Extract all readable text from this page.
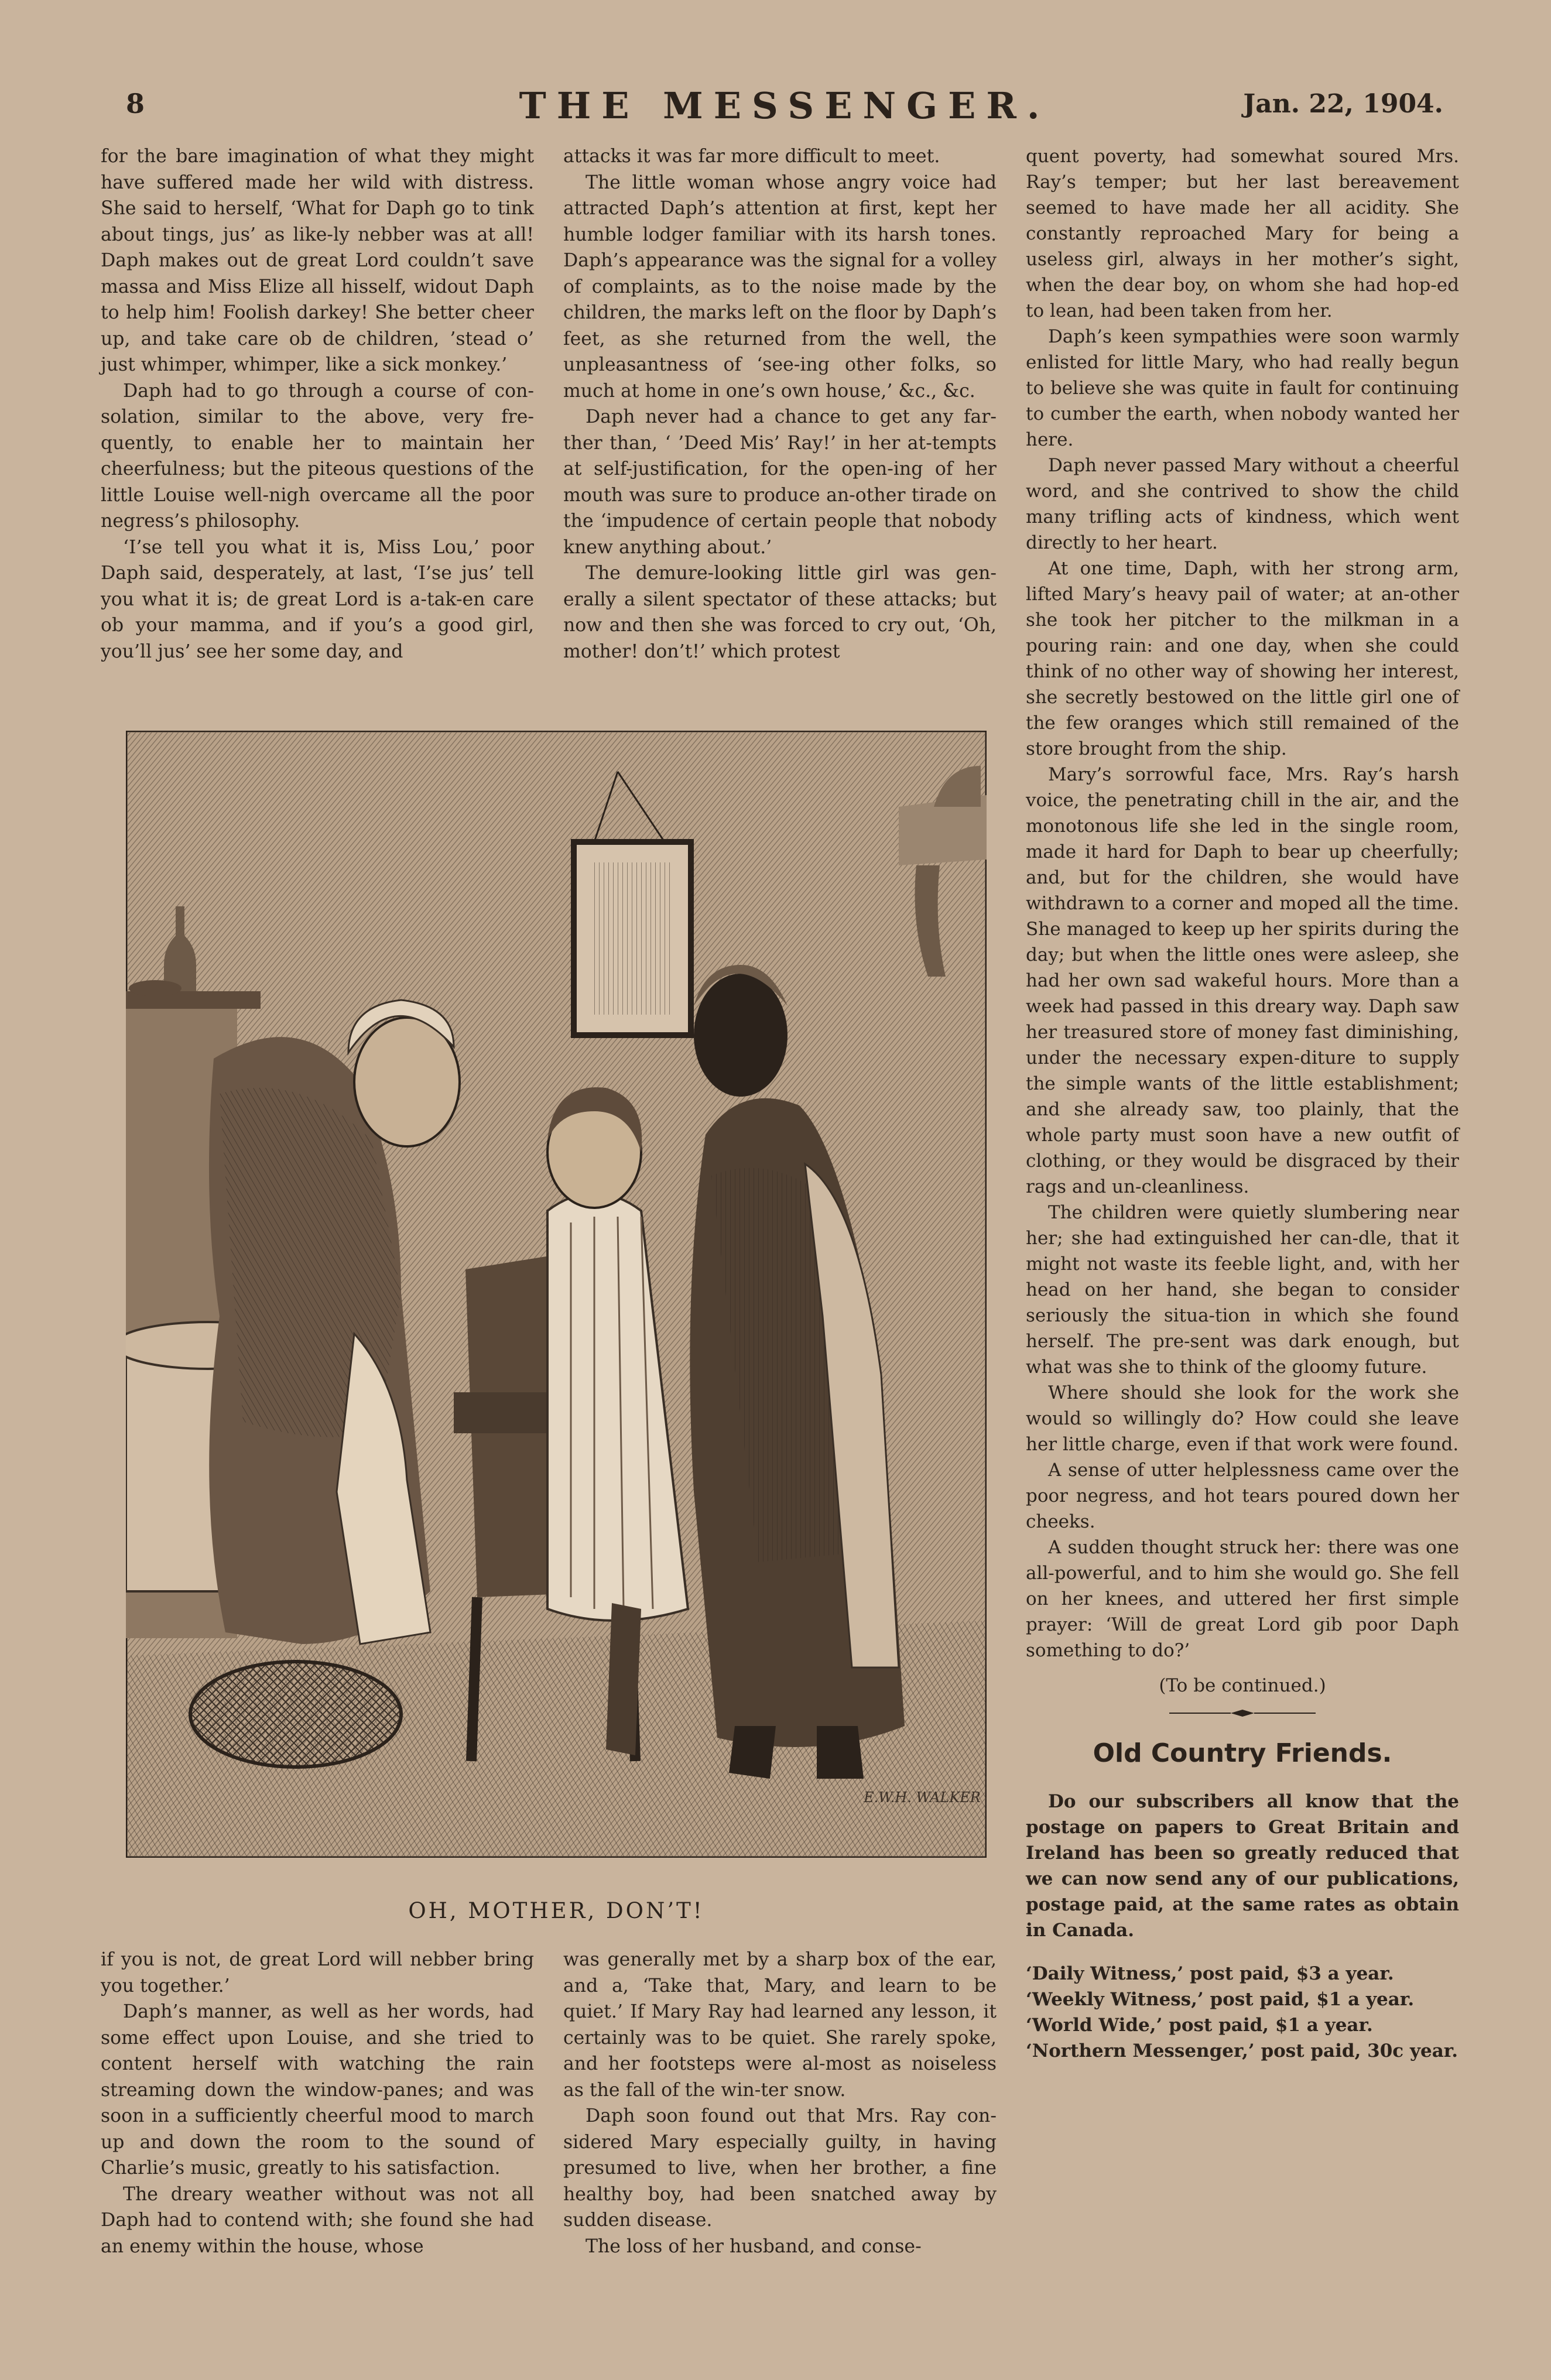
8	THE MESSENGER.	Jan. 22, 1904.

for the bare imagination of what they might have suffered made her wild with distress. She said to herself, ‘What for Daph go to tink about tings, jus’ as like-ly nebber was at all! Daph makes out de great Lord couldn’t save massa and Miss Elize all hisself, widout Daph to help him! Foolish darkey! She better cheer up, and take care ob de children, ’stead o’ just whimper, whimper, like a sick monkey.’

Daph had to go through a course of con-solation, similar to the above, very fre-quently, to enable her to maintain her cheerfulness; but the piteous questions of the little Louise well-nigh overcame all the poor negress’s philosophy.

‘I’se tell you what it is, Miss Lou,’ poor Daph said, desperately, at last, ‘I’se jus’ tell you what it is; de great Lord is a-tak-en care ob your mamma, and if you’s a good girl, you’ll jus’ see her some day, and

attacks it was far more difficult to meet.

The little woman whose angry voice had attracted Daph’s attention at first, kept her humble lodger familiar with its harsh tones. Daph’s appearance was the signal for a volley of complaints, as to the noise made by the children, the marks left on the floor by Daph’s feet, as she returned from the well, the unpleasantness of ‘see-ing other folks, so much at home in one’s own house,’ &c., &c.

Daph never had a chance to get any far-ther than, ‘ ’Deed Mis’ Ray!’ in her at-tempts at self-justification, for the open-ing of her mouth was sure to produce an-other tirade on the ‘impudence of certain people that nobody knew anything about.’

The demure-looking little girl was gen-erally a silent spectator of these attacks; but now and then she was forced to cry out, ‘Oh, mother! don’t!’ which protest

quent poverty, had somewhat soured Mrs. Ray’s temper; but her last bereavement seemed to have made her all acidity. She constantly reproached Mary for being a useless girl, always in her mother’s sight, when the dear boy, on whom she had hop-ed to lean, had been taken from her.

Daph’s keen sympathies were soon warmly enlisted for little Mary, who had really begun to believe she was quite in fault for continuing to cumber the earth, when nobody wanted her here.

Daph never passed Mary without a cheerful word, and she contrived to show the child many trifling acts of kindness, which went directly to her heart.

At one time, Daph, with her strong arm, lifted Mary’s heavy pail of water; at an-other she took her pitcher to the milkman in a pouring rain: and one day, when she could think of no other way of showing her interest, she secretly bestowed on the little girl one of the few oranges which still remained of the store brought from the ship.

Mary’s sorrowful face, Mrs. Ray’s harsh voice, the penetrating chill in the air, and the monotonous life she led in the single room, made it hard for Daph to bear up cheerfully; and, but for the children, she would have withdrawn to a corner and moped all the time. She managed to keep up her spirits during the day; but when the little ones were asleep, she had her own sad wakeful hours. More than a week had passed in this dreary way. Daph saw her treasured store of money fast diminishing, under the necessary expen-diture to supply the simple wants of the little establishment; and she already saw, too plainly, that the whole party must soon have a new outfit of clothing, or they would be disgraced by their rags and un-cleanliness.

The children were quietly slumbering near her; she had extinguished her can-dle, that it might not waste its feeble light, and, with her head on her hand, she began to consider seriously the situa-tion in which she found herself. The pre-sent was dark enough, but what was she to think of the gloomy future.

Where should she look for the work she would so willingly do? How could she leave her little charge, even if that work were found.

A sense of utter helplessness came over the poor negress, and hot tears poured down her cheeks.

A sudden thought struck her: there was one all-powerful, and to him she would go. She fell on her knees, and uttered her first simple prayer: ‘Will de great Lord gib poor Daph something to do?’

(To be continued.)

Old Country Friends.

Do our subscribers all know that the postage on papers to Great Britain and Ireland has been so greatly reduced that we can now send any of our publications, postage paid, at the same rates as obtain in Canada.

‘Daily Witness,’ post paid, $3 a year.

‘Weekly Witness,’ post paid, $1 a year.

‘World Wide,’ post paid, $1 a year.

‘Northern Messenger,’ post paid, 30c year.

E.W.H. WALKER
OH, MOTHER, DON’T!

if you is not, de great Lord will nebber bring you together.’

Daph’s manner, as well as her words, had some effect upon Louise, and she tried to content herself with watching the rain streaming down the window-panes; and was soon in a sufficiently cheerful mood to march up and down the room to the sound of Charlie’s music, greatly to his satisfaction.

The dreary weather without was not all Daph had to contend with; she found she had an enemy within the house, whose

was generally met by a sharp box of the ear, and a, ‘Take that, Mary, and learn to be quiet.’ If Mary Ray had learned any lesson, it certainly was to be quiet. She rarely spoke, and her footsteps were al-most as noiseless as the fall of the win-ter snow.

Daph soon found out that Mrs. Ray con-sidered Mary especially guilty, in having presumed to live, when her brother, a fine healthy boy, had been snatched away by sudden disease.

The loss of her husband, and conse-
